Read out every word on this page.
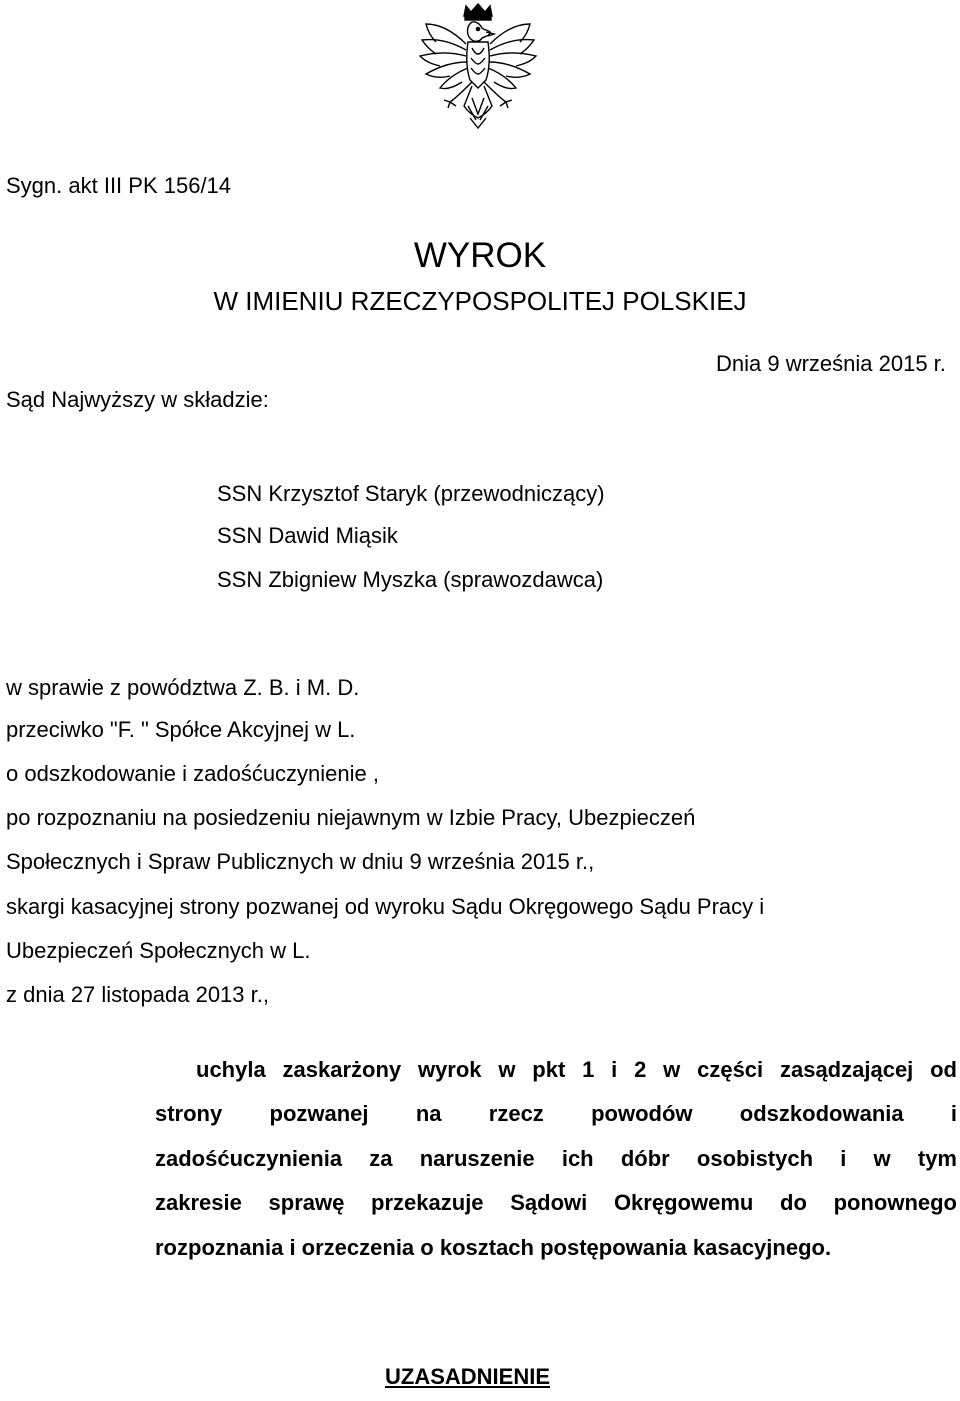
Sygn. akt III PK 156/14
WYROK
W IMIENIU RZECZYPOSPOLITEJ POLSKIEJ
Dnia 9 września 2015 r.
Sąd Najwyższy w składzie:
SSN Krzysztof Staryk (przewodniczący)
SSN Dawid Miąsik
SSN Zbigniew Myszka (sprawozdawca)
w sprawie z powództwa Z. B. i M. D.
przeciwko "F. " Spółce Akcyjnej w L.
o odszkodowanie i zadośćuczynienie ,
po rozpoznaniu na posiedzeniu niejawnym w Izbie Pracy, Ubezpieczeń
Społecznych i Spraw Publicznych w dniu 9 września 2015 r.,
skargi kasacyjnej strony pozwanej od wyroku Sądu Okręgowego Sądu Pracy i
Ubezpieczeń Społecznych w L.
z dnia 27 listopada 2013 r.,
uchyla zaskarżony wyrok w pkt 1 i 2 w części zasądzającej od
strony pozwanej na rzecz powodów odszkodowania i
zadośćuczynienia za naruszenie ich dóbr osobistych i w tym
zakresie sprawę przekazuje Sądowi Okręgowemu do ponownego
rozpoznania i orzeczenia o kosztach postępowania kasacyjnego.
UZASADNIENIE
